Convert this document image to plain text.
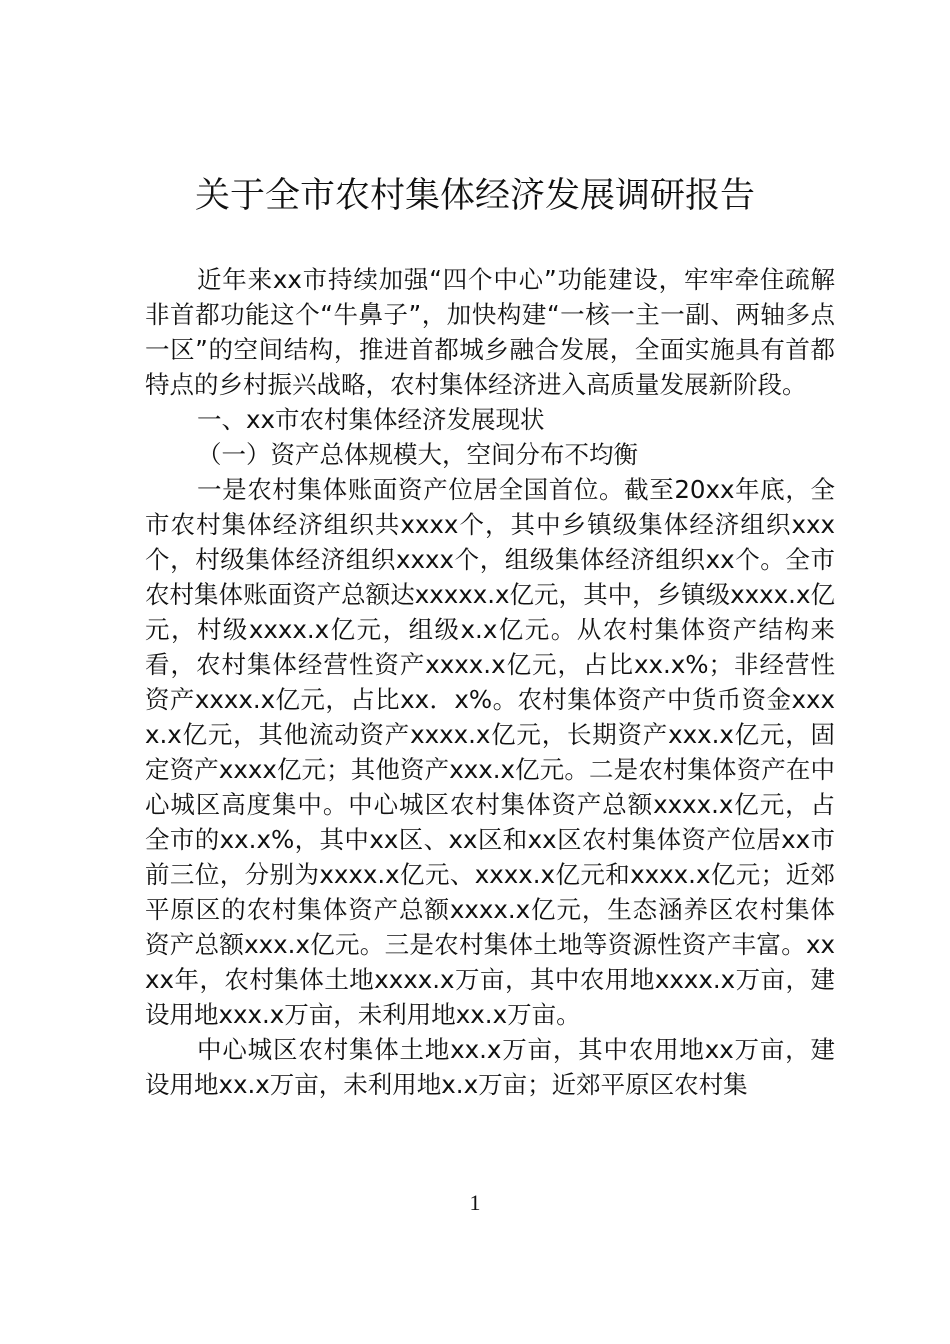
关于全市农村集体经济发展调研报告

近年来xx市持续加强“四个中心”功能建设，牢牢牵住疏解非首都功能这个“牛鼻子”，加快构建“一核一主一副、两轴多点一区”的空间结构，推进首都城乡融合发展，全面实施具有首都特点的乡村振兴战略，农村集体经济进入高质量发展新阶段。

一、xx市农村集体经济发展现状

（一）资产总体规模大，空间分布不均衡

一是农村集体账面资产位居全国首位。截至20xx年底，全市农村集体经济组织共xxxx个，其中乡镇级集体经济组织xxx个，村级集体经济组织xxxx个，组级集体经济组织xx个。全市农村集体账面资产总额达xxxxx.x亿元，其中，乡镇级xxxx.x亿元，村级xxxx.x亿元，组级x.x亿元。从农村集体资产结构来看，农村集体经营性资产xxxx.x亿元，占比xx.x%；非经营性资产xxxx.x亿元，占比xx．x%。农村集体资产中货币资金xxxx.x亿元，其他流动资产xxxx.x亿元，长期资产xxx.x亿元，固定资产xxxx亿元；其他资产xxx.x亿元。二是农村集体资产在中心城区高度集中。中心城区农村集体资产总额xxxx.x亿元，占全市的xx.x%，其中xx区、xx区和xx区农村集体资产位居xx市前三位，分别为xxxx.x亿元、xxxx.x亿元和xxxx.x亿元；近郊平原区的农村集体资产总额xxxx.x亿元，生态涵养区农村集体资产总额xxx.x亿元。三是农村集体土地等资源性资产丰富。xxxx年，农村集体土地xxxx.x万亩，其中农用地xxxx.x万亩，建设用地xxx.x万亩，未利用地xx.x万亩。

中心城区农村集体土地xx.x万亩，其中农用地xx万亩，建设用地xx.x万亩，未利用地x.x万亩；近郊平原区农村集

1
